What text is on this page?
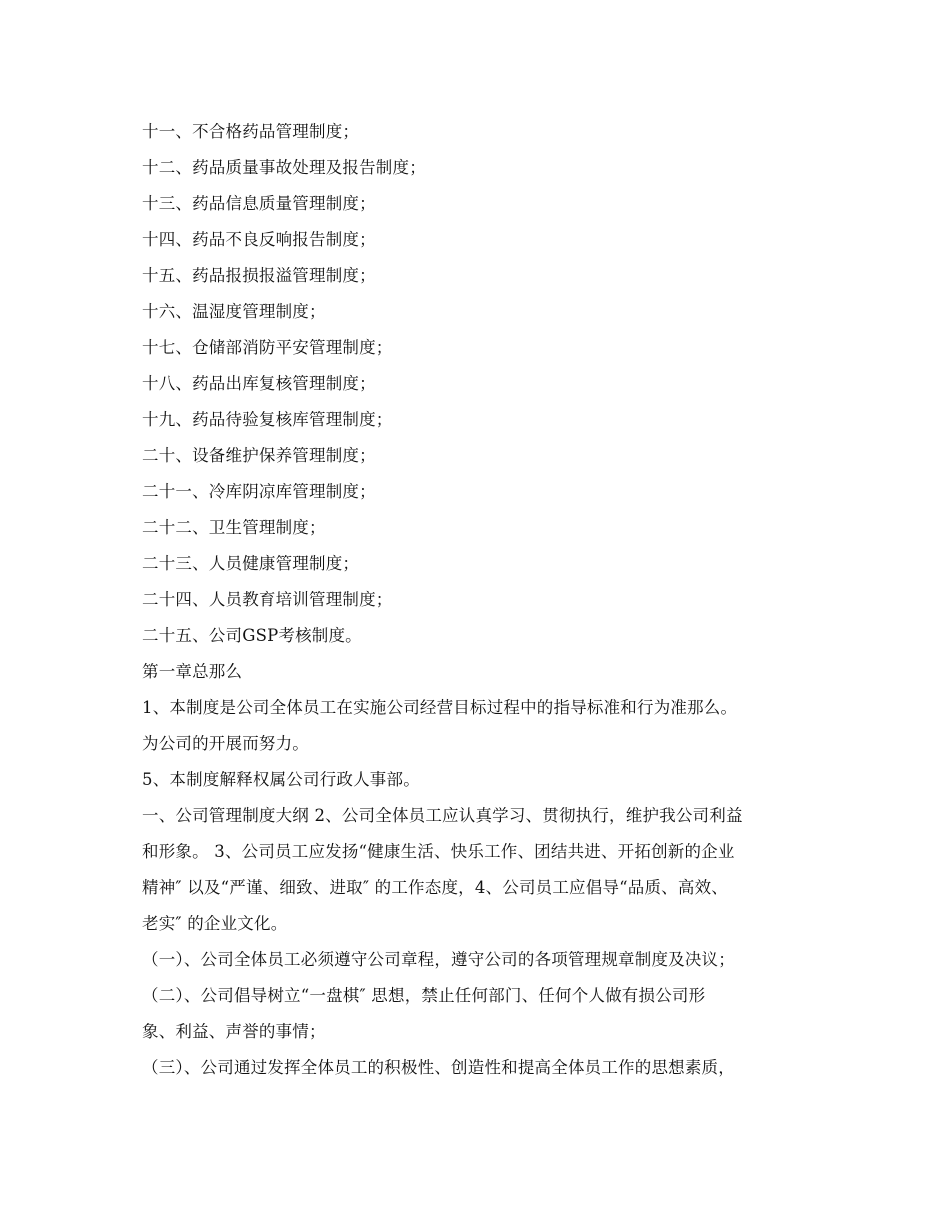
十一、不合格药品管理制度；
十二、药品质量事故处理及报告制度；
十三、药品信息质量管理制度；
十四、药品不良反响报告制度；
十五、药品报损报溢管理制度；
十六、温湿度管理制度；
十七、仓储部消防平安管理制度；
十八、药品出库复核管理制度；
十九、药品待验复核库管理制度；
二十、设备维护保养管理制度；
二十一、冷库阴凉库管理制度；
二十二、卫生管理制度；
二十三、人员健康管理制度；
二十四、人员教育培训管理制度；
二十五、公司GSP考核制度。
第一章总那么
1、本制度是公司全体员工在实施公司经营目标过程中的指导标准和行为准那么。
为公司的开展而努力。
5、本制度解释权属公司行政人事部。
一、公司管理制度大纲 2、公司全体员工应认真学习、贯彻执行，维护我公司利益
和形象。 3、公司员工应发扬“健康生活、快乐工作、团结共进、开拓创新的企业
精神″ 以及“严谨、细致、进取″ 的工作态度，4、公司员工应倡导“品质、高效、
老实″ 的企业文化。
（一）、公司全体员工必须遵守公司章程，遵守公司的各项管理规章制度及决议；
（二）、公司倡导树立“一盘棋″ 思想，禁止任何部门、任何个人做有损公司形
象、利益、声誉的事情；
（三）、公司通过发挥全体员工的积极性、创造性和提高全体员工作的思想素质，
